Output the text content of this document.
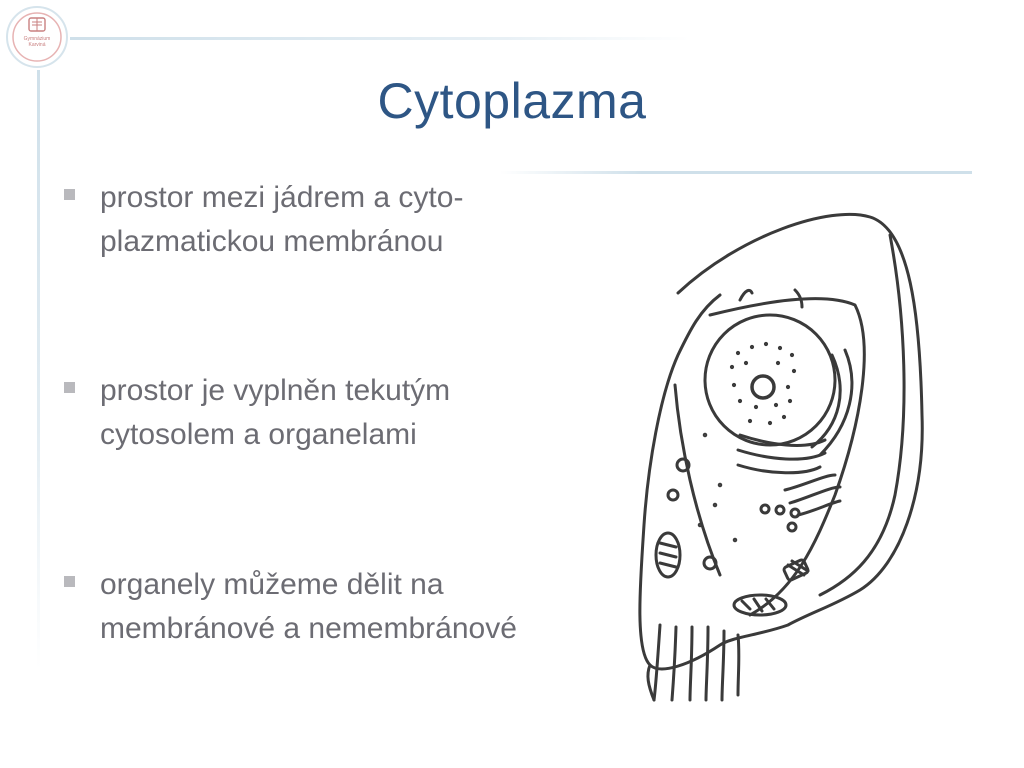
Gymnázium
Karviná
Cytoplazma
prostor mezi jádrem a cyto-
plazmatickou membránou
prostor je vyplněn tekutým
cytosolem a organelami
organely můžeme dělit na
membránové a nemembránové
